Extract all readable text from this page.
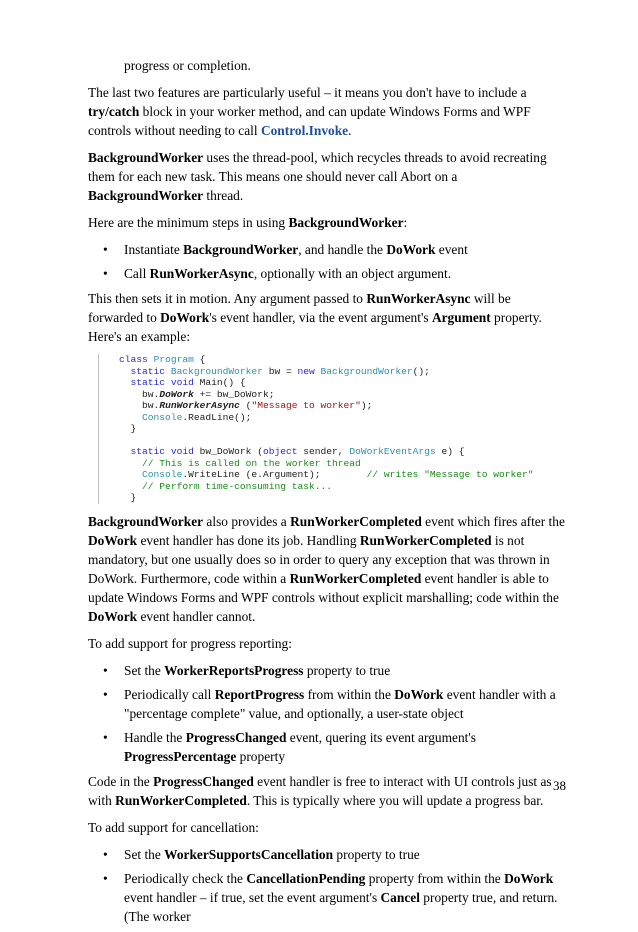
progress or completion.

The last two features are particularly useful – it means you don't have to include a try/catch block in your worker method, and can update Windows Forms and WPF controls without needing to call Control.Invoke.

BackgroundWorker uses the thread-pool, which recycles threads to avoid recreating them for each new task. This means one should never call Abort on a BackgroundWorker thread.

Here are the minimum steps in using BackgroundWorker:

• Instantiate BackgroundWorker, and handle the DoWork event
• Call RunWorkerAsync, optionally with an object argument.

This then sets it in motion. Any argument passed to RunWorkerAsync will be forwarded to DoWork's event handler, via the event argument's Argument property. Here's an example:

class Program {
static BackgroundWorker bw = new BackgroundWorker();
static void Main() {
bw.DoWork += bw_DoWork;
bw.RunWorkerAsync ("Message to worker");
Console.ReadLine();
}

static void bw_DoWork (object sender, DoWorkEventArgs e) {
// This is called on the worker thread
Console.WriteLine (e.Argument);	// writes "Message to worker"
// Perform time-consuming task...
}

BackgroundWorker also provides a RunWorkerCompleted event which fires after the DoWork event handler has done its job. Handling RunWorkerCompleted is not mandatory, but one usually does so in order to query any exception that was thrown in DoWork. Furthermore, code within a RunWorkerCompleted event handler is able to update Windows Forms and WPF controls without explicit marshalling; code within the DoWork event handler cannot.

To add support for progress reporting:

• Set the WorkerReportsProgress property to true
• Periodically call ReportProgress from within the DoWork event handler with a "percentage complete" value, and optionally, a user-state object
• Handle the ProgressChanged event, quering its event argument's ProgressPercentage property

Code in the ProgressChanged event handler is free to interact with UI controls just as with RunWorkerCompleted. This is typically where you will update a progress bar.

To add support for cancellation:

• Set the WorkerSupportsCancellation property to true
• Periodically check the CancellationPending property from within the DoWork event handler – if true, set the event argument's Cancel property true, and return. (The worker
38
